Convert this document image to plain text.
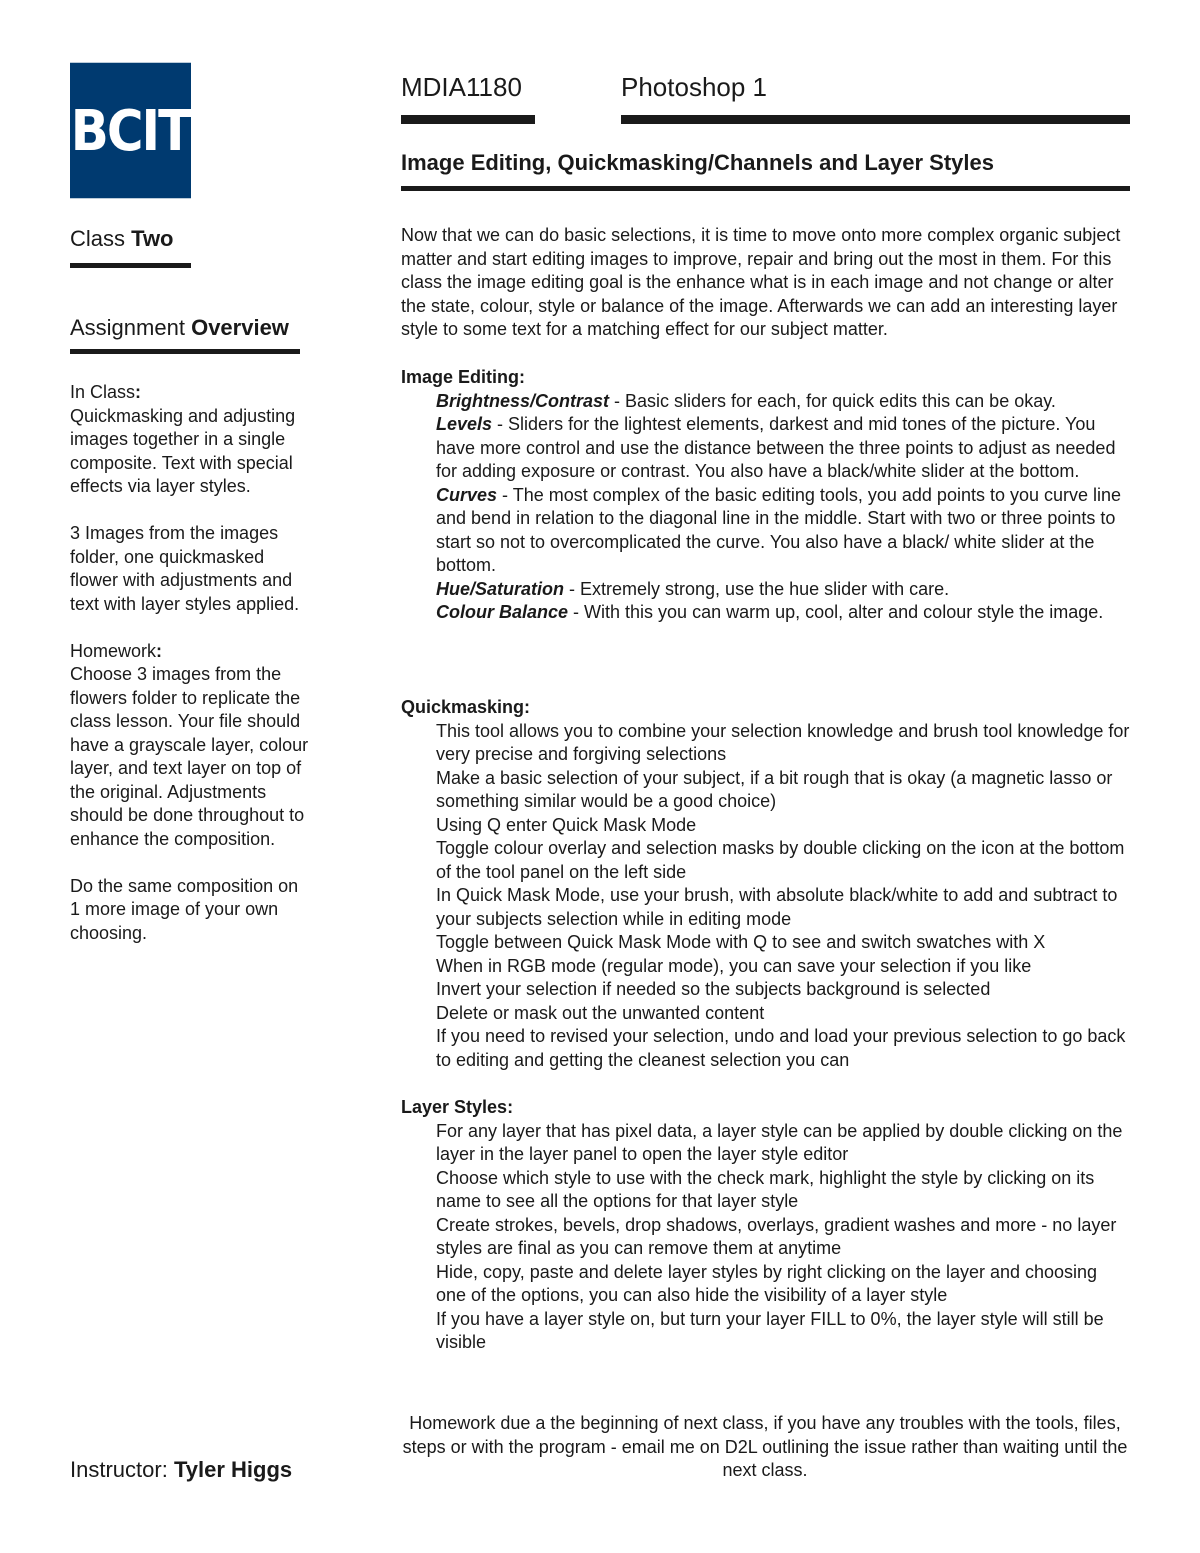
BCIT
Class Two
Assignment Overview
In Class:

Quickmasking and adjusting images together in a single composite. Text with special effects via layer styles.

3 Images from the images folder, one quickmasked flower with adjustments and text with layer styles applied.

Homework:

Choose 3 images from the flowers folder to replicate the class lesson. Your file should have a grayscale layer, colour layer, and text layer on top of the original. Adjustments should be done throughout to enhance the composition.

Do the same composition on 1 more image of your own choosing.

MDIA1180	Photoshop 1
Image Editing, Quickmasking/Channels and Layer Styles
Now that we can do basic selections, it is time to move onto more complex organic subject matter and start editing images to improve, repair and bring out the most in them. For this class the image editing goal is the enhance what is in each image and not change or alter the state, colour, style or balance of the image. Afterwards we can add an interesting layer style to some text for a matching effect for our subject matter.
Image Editing:
Brightness/Contrast - Basic sliders for each, for quick edits this can be okay.
Levels - Sliders for the lightest elements, darkest and mid tones of the picture. You have more control and use the distance between the three points to adjust as needed for adding exposure or contrast. You also have a black/white slider at the bottom.
Curves - The most complex of the basic editing tools, you add points to you curve line and bend in relation to the diagonal line in the middle. Start with two or three points to start so not to overcomplicated the curve. You also have a black/ white slider at the bottom.
Hue/Saturation - Extremely strong, use the hue slider with care.
Colour Balance - With this you can warm up, cool, alter and colour style the image.
Quickmasking:
This tool allows you to combine your selection knowledge and brush tool knowledge for very precise and forgiving selections
Make a basic selection of your subject, if a bit rough that is okay (a magnetic lasso or something similar would be a good choice)
Using Q enter Quick Mask Mode
Toggle colour overlay and selection masks by double clicking on the icon at the bottom of the tool panel on the left side
In Quick Mask Mode, use your brush, with absolute black/white to add and subtract to your subjects selection while in editing mode
Toggle between Quick Mask Mode with Q to see and switch swatches with X
When in RGB mode (regular mode), you can save your selection if you like
Invert your selection if needed so the subjects background is selected
Delete or mask out the unwanted content
If you need to revised your selection, undo and load your previous selection to go back to editing and getting the cleanest selection you can
Layer Styles:
For any layer that has pixel data, a layer style can be applied by double clicking on the layer in the layer panel to open the layer style editor
Choose which style to use with the check mark, highlight the style by clicking on its name to see all the options for that layer style
Create strokes, bevels, drop shadows, overlays, gradient washes and more - no layer styles are final as you can remove them at anytime
Hide, copy, paste and delete layer styles by right clicking on the layer and choosing one of the options, you can also hide the visibility of a layer style
If you have a layer style on, but turn your layer FILL to 0%, the layer style will still be visible
Homework due a the beginning of next class, if you have any troubles with the tools, files, steps or with the program - email me on D2L outlining the issue rather than waiting until the next class.
Instructor: Tyler Higgs
